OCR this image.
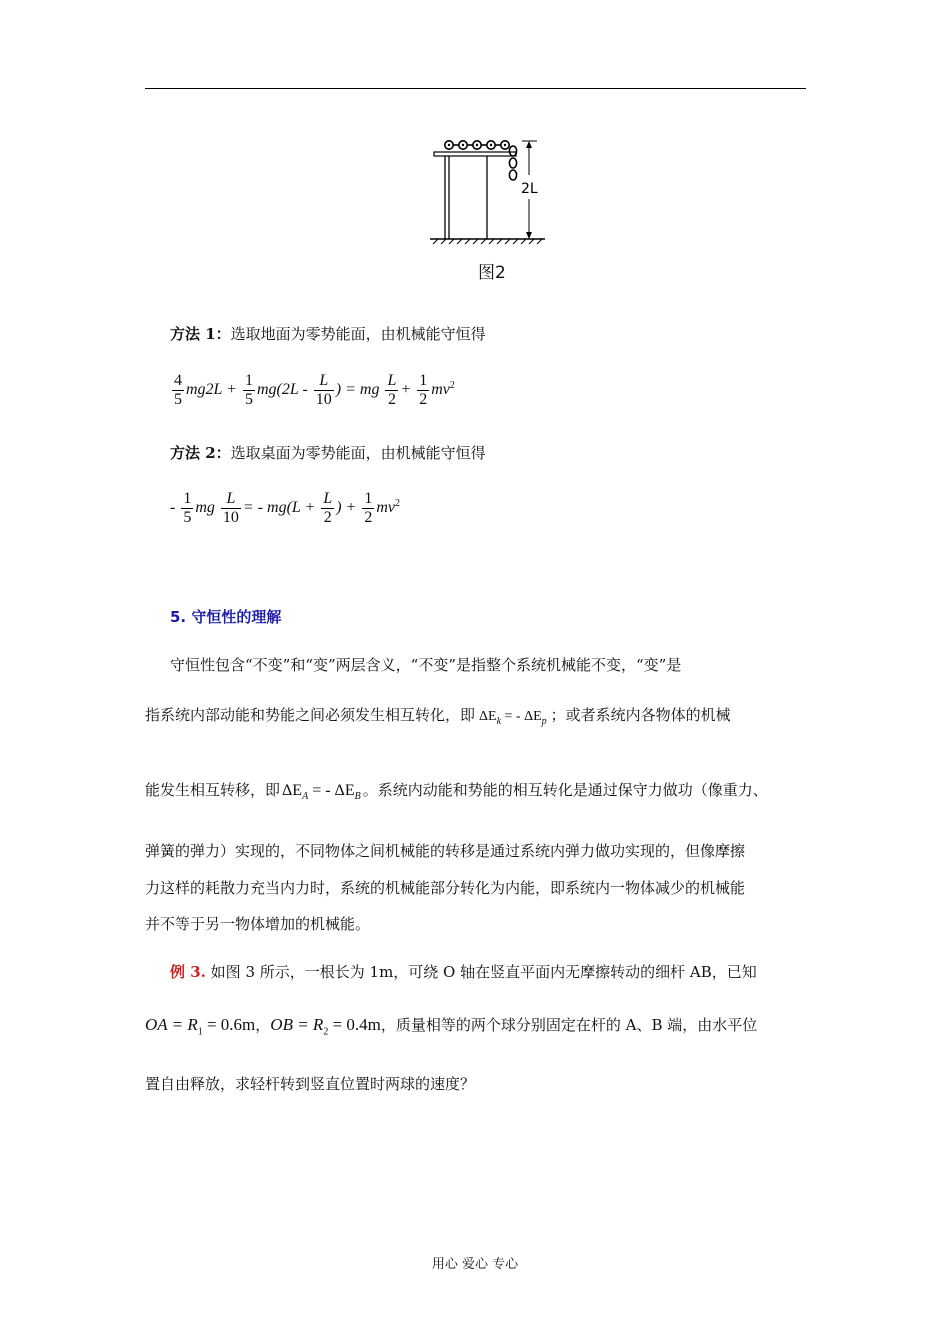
2L
图2
方法 1：选取地面为零势能面，由机械能守恒得
$\frac{4}{5} mg2L + \frac{1}{5} mg(2L - \frac{L}{10}$ ) = mg $\frac{L}{2} + \frac{1}{2} mv^2$
方法 2：选取桌面为零势能面，由机械能守恒得
- $\frac{1}{5}$ mg $\frac{L}{10}$ = - $mg(L + \frac{L}{2}$ ) + $\frac{1}{2} mv^2$
5. 守恒性的理解
守恒性包含“不变”和“变”两层含义，“不变”是指整个系统机械能不变，“变”是
指系统内部动能和势能之间必须发生相互转化，即 $\Delta E_k$ = - $\Delta E_p$ ；或者系统内各物体的机械
能发生相互转移，即 $\Delta E_A$ = - $\Delta E_B$ 。系统内动能和势能的相互转化是通过保守力做功（像重力、
弹簧的弹力）实现的，不同物体之间机械能的转移是通过系统内弹力做功实现的，但像摩擦
力这样的耗散力充当内力时，系统的机械能部分转化为内能，即系统内一物体减少的机械能
并不等于另一物体增加的机械能。
例 3. 如图 3 所示，一根长为 1m，可绕 O 轴在竖直平面内无摩擦转动的细杆 AB，已知
OA = $R_1 = 0.6m$，OB = $R_2 = 0.4m$，质量相等的两个球分别固定在杆的 A、B 端，由水平位
置自由释放，求轻杆转到竖直位置时两球的速度？
用心 爱心 专心
